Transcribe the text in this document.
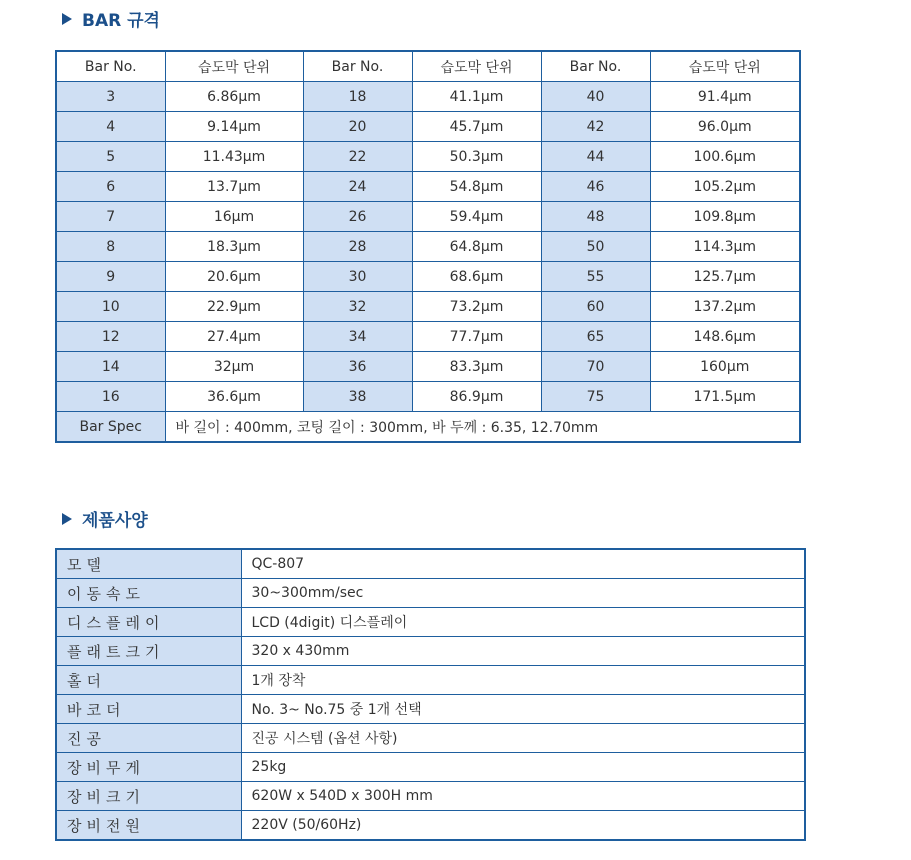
BAR 규격
Bar No.	습도막 단위	Bar No.	습도막 단위	Bar No.	습도막 단위
3	6.86μm	18	41.1μm	40	91.4μm
4	9.14μm	20	45.7μm	42	96.0μm
5	11.43μm	22	50.3μm	44	100.6μm
6	13.7μm	24	54.8μm	46	105.2μm
7	16μm	26	59.4μm	48	109.8μm
8	18.3μm	28	64.8μm	50	114.3μm
9	20.6μm	30	68.6μm	55	125.7μm
10	22.9μm	32	73.2μm	60	137.2μm
12	27.4μm	34	77.7μm	65	148.6μm
14	32μm	36	83.3μm	70	160μm
16	36.6μm	38	86.9μm	75	171.5μm
Bar Spec	바 길이 : 400mm, 코팅 길이 : 300mm, 바 두께 : 6.35, 12.70mm				
제품사양
모델	QC-807
이동속도	30~300mm/sec
디스플레이	LCD (4digit) 디스플레이
플래트크기	320 x 430mm
홀더	1개 장착
바코더	No. 3~ No.75 중 1개 선택
진공	진공 시스템 (옵션 사항)
장비무게	25kg
장비크기	620W x 540D x 300H mm
장비전원	220V (50/60Hz)
